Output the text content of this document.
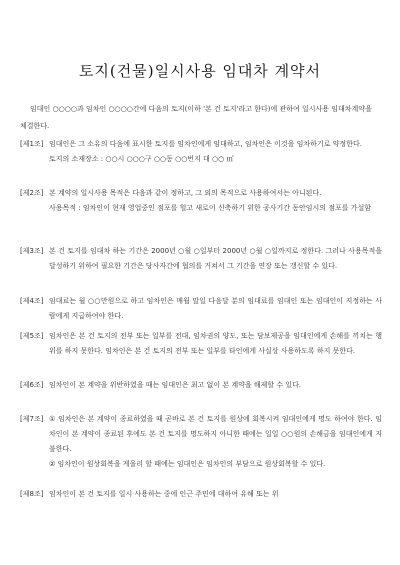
토지(건물)일시사용 임대차 계약서
임대인 ○○○○과 임차인 ○○○○간에 다음의 토지(이하 '본 건 토지'라고 한다)에 관하여 일시사용 임대차계약을 체결한다.
[제1조] 임대인은 그 소유의 다음에 표시한 토지를 임차인에게 임대하고, 임차인은 이것을 임차하기로 약정한다.

토지의 소재장소 : ○○시 ○○○구 ○○동 ○○번지 대 ○○ ㎡

[제2조] 본 계약의 일시사용 목적은 다음과 같이 정하고, 그 외의 목적으로 사용하여서는 아니된다.

사용목적 : 임차인이 현재 영업중인 점포를 헐고 새로이 신축하기 위한 공사기간 동안임시의 점포를 가설함

[제3조] 본 건 토지를 임대차 하는 기간은 2000년 ○월 ○일부터 2000년 ○월 ○일까지로 정한다. 그러나 사용목적을 달성하기 위하여 필요한 기간은 당사자간에 협의를 거쳐서 그 기간을 연장 또는 갱신할 수 있다.

[제4조] 임대료는 월 ○○만원으로 하고 임차인은 매월 말일 다음달 분의 임대료를 임대인 또는 임대인이 지정하는 사람에게 지급하여야 한다.

[제5조] 임차인은 본 건 토지의 전부 또는 일부를 전대, 임차권의 양도, 또는 담보제공을 임대인에게 손해를 끼치는 행위를 하지 못한다. 임차인은 본 건 토지의 전부 또는 일부를 타인에게 사실상 사용하도록 하지 못한다.

[제6조] 임차인이 본 계약을 위반하였을 때는 임대인은 최고 없이 본 계약을 해제할 수 있다.

[제7조] ① 임차인은 본 계약이 종료하였을 때 곧바로 본 건 토지를 원상에 회복시켜 임대인에게 명도 하여야 한다. 임차인이 본 계약이 종료된 후에도 본 건 토지를 명도하지 아니한 때에는 일일 ○○원의 손해금을 임대인에게 지불한다.

② 임차인이 원상회복을 게을리 할 때에는 임대인은 임차인의 부담으로 원상회복할 수 있다.

[제8조] 임차인이 본 건 토지를 일시 사용하는 중에 인근 주민에 대하여 유해 또는 위
